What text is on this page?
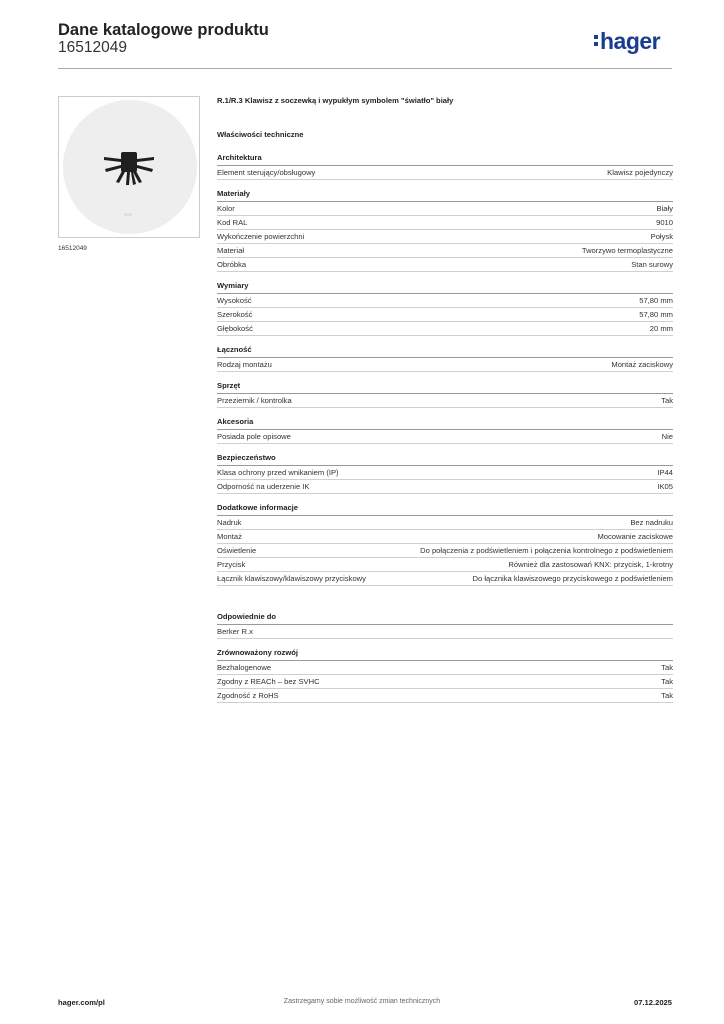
Dane katalogowe produktu
16512049	hager
16512049
R.1/R.3 Klawisz z soczewką i wypukłym symbolem "światło" biały
Właściwości techniczne
Architektura
Element sterujący/obsługowy	Klawisz pojedynczy
Materiały
Kolor	Biały
Kod RAL	9010
Wykończenie powierzchni	Połysk
Materiał	Tworzywo termoplastyczne
Obróbka	Stan surowy
Wymiary
Wysokość	57,80 mm
Szerokość	57,80 mm
Głębokość	20 mm
Łączność
Rodzaj montażu	Montaż zaciskowy
Sprzęt
Przeziernik / kontrolka	Tak
Akcesoria
Posiada pole opisowe	Nie
Bezpieczeństwo
Klasa ochrony przed wnikaniem (IP)	IP44
Odporność na uderzenie IK	IK05
Dodatkowe informacje
Nadruk	Bez nadruku
Montaż	Mocowanie zaciskowe
Oświetlenie	Do połączenia z podświetleniem i połączenia kontrolnego z podświetleniem
Przycisk	Również dla zastosowań KNX: przycisk, 1-krotny
Łącznik klawiszowy/klawiszowy przyciskowy	Do łącznika klawiszowego przyciskowego z podświetleniem
Odpowiednie do
Berker R.x
Zrównoważony rozwój
Bezhalogenowe	Tak
Zgodny z REACh – bez SVHC	Tak
Zgodność z RoHS	Tak
hager.com/pl	Zastrzegamy sobie możliwość zmian technicznych	07.12.2025
